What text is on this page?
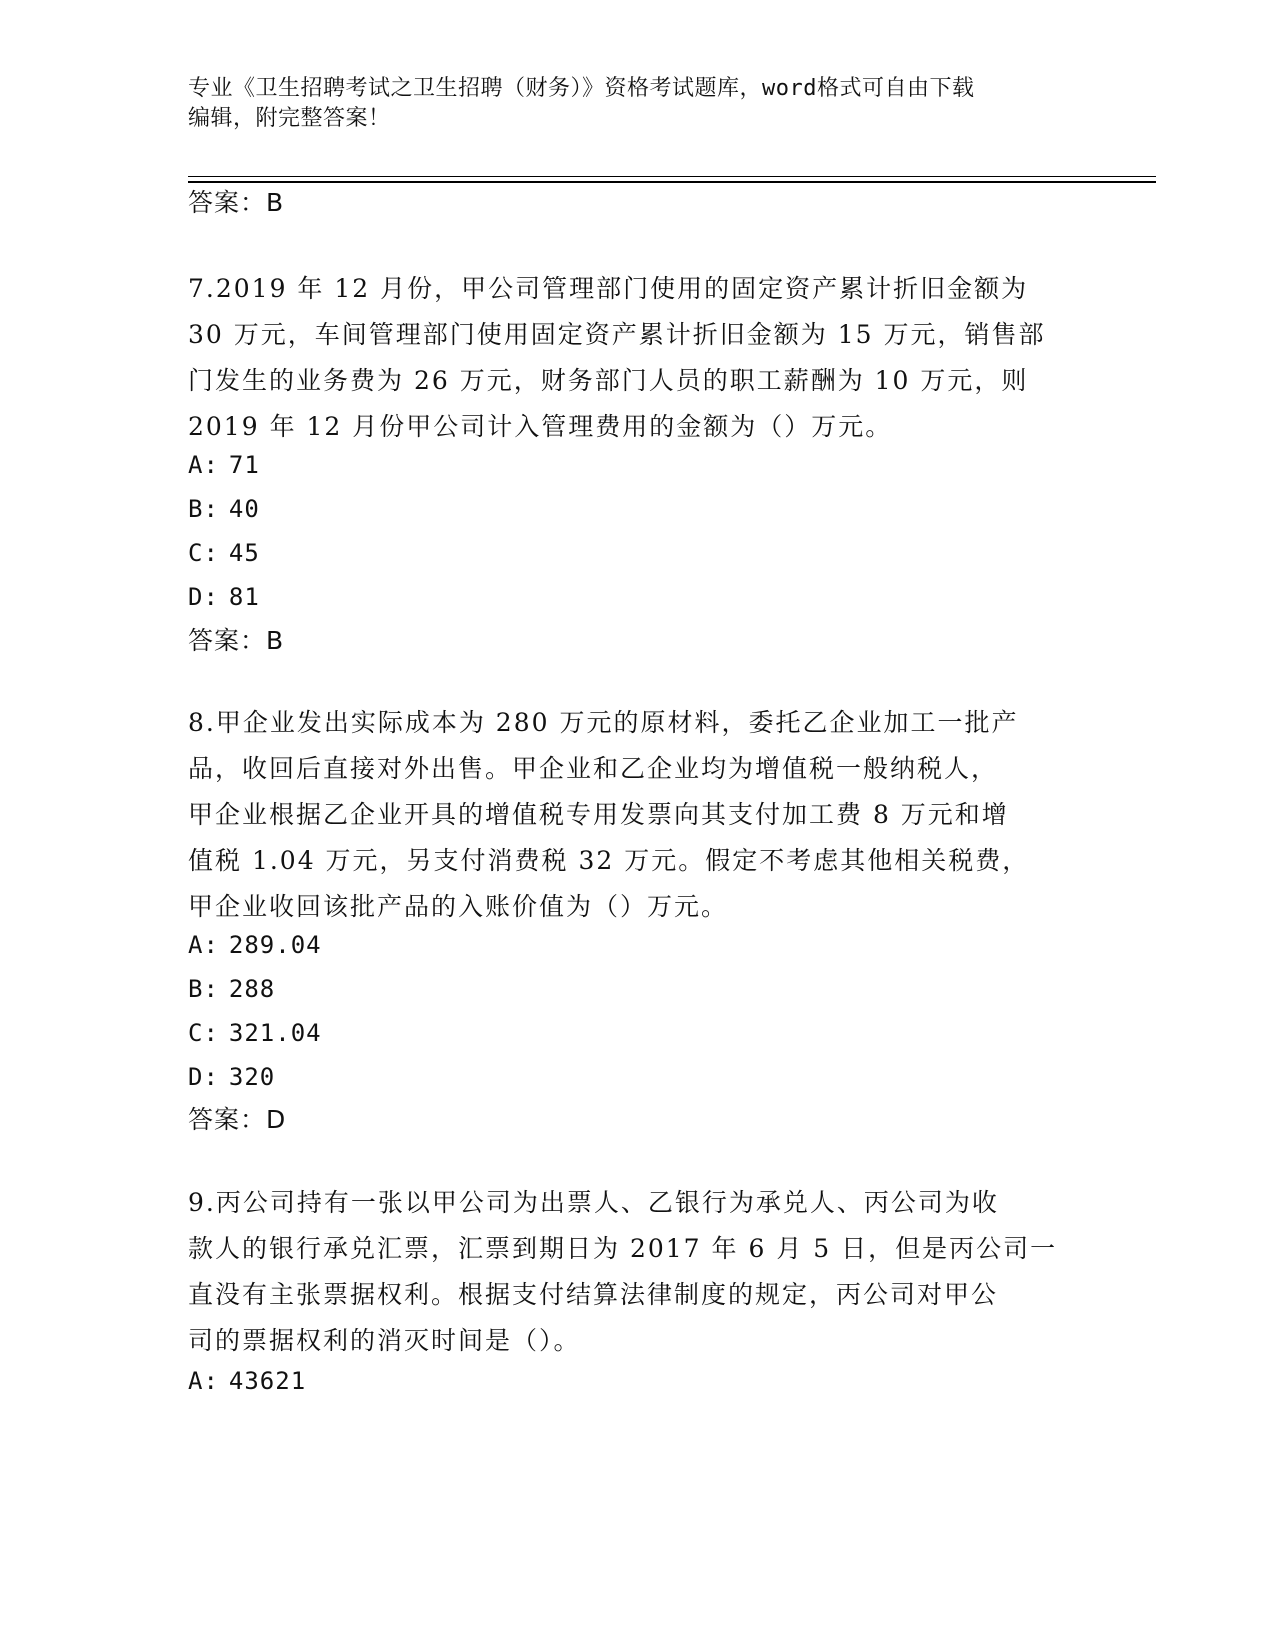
专业《卫生招聘考试之卫生招聘（财务）》资格考试题库，word格式可自由下载
编辑，附完整答案！
答案：B
7.2019 年 12 月份，甲公司管理部门使用的固定资产累计折旧金额为
30 万元，车间管理部门使用固定资产累计折旧金额为 15 万元，销售部
门发生的业务费为 26 万元，财务部门人员的职工薪酬为 10 万元，则
2019 年 12 月份甲公司计入管理费用的金额为（）万元。
A: 71
B: 40
C: 45
D: 81
答案：B
8.甲企业发出实际成本为 280 万元的原材料，委托乙企业加工一批产
品，收回后直接对外出售。甲企业和乙企业均为增值税一般纳税人，
甲企业根据乙企业开具的增值税专用发票向其支付加工费 8 万元和增
值税 1.04 万元，另支付消费税 32 万元。假定不考虑其他相关税费，
甲企业收回该批产品的入账价值为（）万元。
A: 289.04
B: 288
C: 321.04
D: 320
答案：D
9.丙公司持有一张以甲公司为出票人、乙银行为承兑人、丙公司为收
款人的银行承兑汇票，汇票到期日为 2017 年 6 月 5 日，但是丙公司一
直没有主张票据权利。根据支付结算法律制度的规定，丙公司对甲公
司的票据权利的消灭时间是（）。
A: 43621
